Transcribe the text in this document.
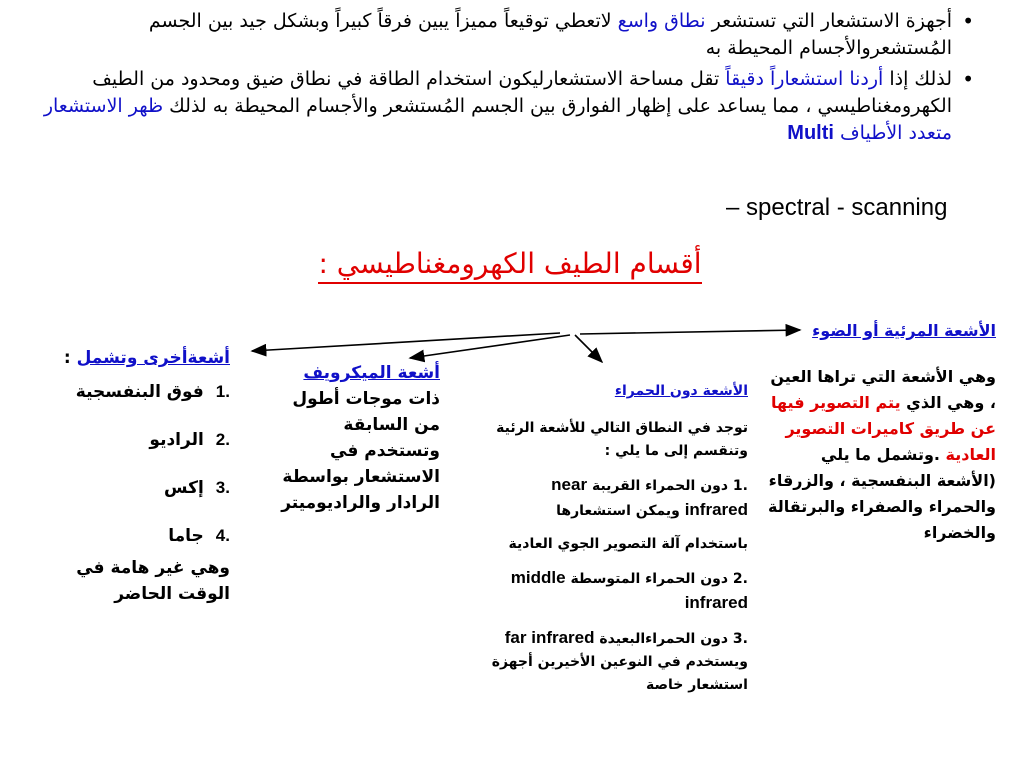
•
أجهزة الاستشعار التي تستشعر نطاق واسع لاتعطي توقيعاً مميزاً يبين فرقاً كبيراً وبشكل جيد بين الجسم المُستشعروالأجسام المحيطة به
•
لذلك إذا أردنا استشعاراً دقيقاً تقل مساحة الاستشعارليكون استخدام الطاقة في نطاق ضيق ومحدود من الطيف الكهرومغناطيسي ، مما يساعد على إظهار الفوارق بين الجسم المُستشعر والأجسام المحيطة به لذلك ظهر الاستشعار متعدد الأطياف Multi
– spectral - scanning
أقسام الطيف الكهرومغناطيسي :

الأشعة المرئية أو الضوء

وهي الأشعة التي تراها العين ، وهي الذي يتم التصوير فيها عن طريق كاميرات التصوير العادية .وتشمل ما يلي (الأشعة البنفسجية ، والزرقاء والحمراء والصفراء والبرتقالة والخضراء

الأشعة دون الحمراء

توجد في النطاق التالي للأشعة الرئية وتنقسم إلى ما يلي :

.1 دون الحمراء القريبة near
infrared ويمكن استشعارها

باستخدام آلة التصوير الجوي العادية

.2 دون الحمراء المتوسطة middle
infrared

.3 دون الحمراءالبعيدة far infrared
ويستخدم في النوعين الأخيرين أجهزة استشعار خاصة

أشعة الميكرويف

ذات موجات أطول من السابقة وتستخدم في الاستشعار بواسطة الرادار والراديوميتر

أشعةأخرى وتشمل :

.1فوق البنفسجية
.2الراديو
.3إكس
.4جاما

وهي غير هامة في الوقت الحاضر
